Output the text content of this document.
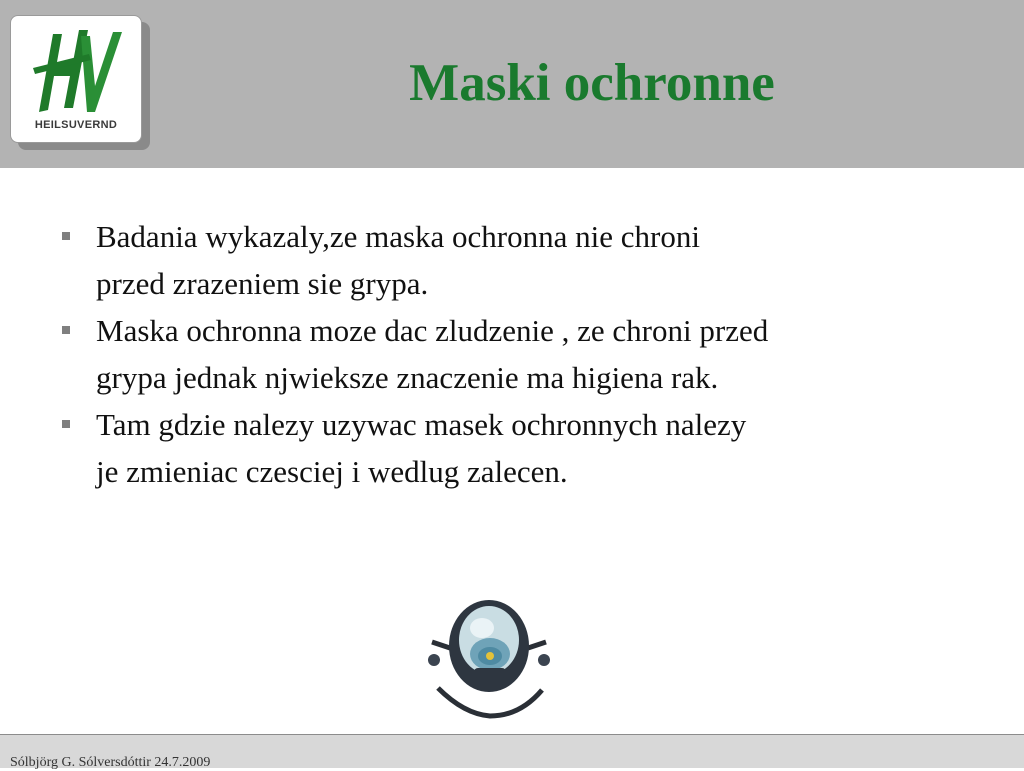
HEILSUVERND
Maski ochronne
Badania wykazaly,ze maska ochronna nie chroni
przed zrazeniem sie grypa.
Maska ochronna moze dac zludzenie , ze chroni przed
grypa jednak njwieksze znaczenie ma higiena rak.
Tam gdzie nalezy uzywac masek ochronnych nalezy
je zmieniac czesciej i wedlug zalecen.
Sólbjörg G. Sólversdóttir 24.7.2009
